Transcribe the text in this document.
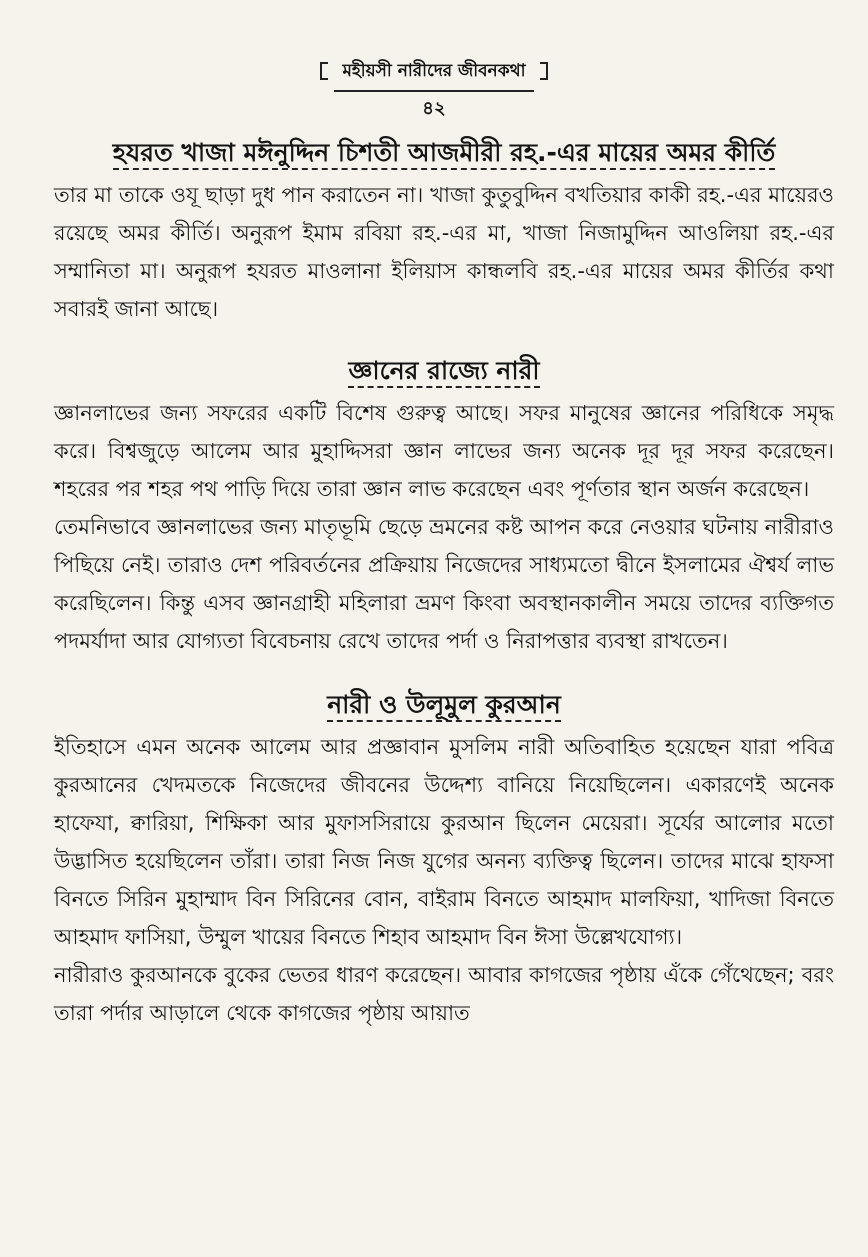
মহীয়সী নারীদের জীবনকথা
৪২
হযরত খাজা মঈনুদ্দিন চিশতী আজমীরী রহ.-এর মায়ের অমর কীর্তি

তার মা তাকে ওযূ ছাড়া দুধ পান করাতেন না। খাজা কুতুবুদ্দিন বখতিয়ার কাকী রহ.-এর মায়েরও রয়েছে অমর কীর্তি। অনুরূপ ইমাম রবিয়া রহ.-এর মা, খাজা নিজামুদ্দিন আওলিয়া রহ.-এর সম্মানিতা মা। অনুরূপ হযরত মাওলানা ইলিয়াস কান্ধলবি রহ.-এর মায়ের অমর কীর্তির কথা সবারই জানা আছে।

জ্ঞানের রাজ্যে নারী

জ্ঞানলাভের জন্য সফরের একটি বিশেষ গুরুত্ব আছে। সফর মানুষের জ্ঞানের পরিধিকে সমৃদ্ধ করে। বিশ্বজুড়ে আলেম আর মুহাদ্দিসরা জ্ঞান লাভের জন্য অনেক দূর দূর সফর করেছেন। শহরের পর শহর পথ পাড়ি দিয়ে তারা জ্ঞান লাভ করেছেন এবং পূর্ণতার স্থান অর্জন করেছেন।

তেমনিভাবে জ্ঞানলাভের জন্য মাতৃভূমি ছেড়ে ভ্রমনের কষ্ট আপন করে নেওয়ার ঘটনায় নারীরাও পিছিয়ে নেই। তারাও দেশ পরিবর্তনের প্রক্রিয়ায় নিজেদের সাধ্যমতো দ্বীনে ইসলামের ঐশ্বর্য লাভ করেছিলেন। কিন্তু এসব জ্ঞানগ্রাহী মহিলারা ভ্রমণ কিংবা অবস্থানকালীন সময়ে তাদের ব্যক্তিগত পদমর্যাদা আর যোগ্যতা বিবেচনায় রেখে তাদের পর্দা ও নিরাপত্তার ব্যবস্থা রাখতেন।

নারী ও উলূমুল কুরআন

ইতিহাসে এমন অনেক আলেম আর প্রজ্ঞাবান মুসলিম নারী অতিবাহিত হয়েছেন যারা পবিত্র কুরআনের খেদমতকে নিজেদের জীবনের উদ্দেশ্য বানিয়ে নিয়েছিলেন। একারণেই অনেক হাফেযা, ক্বারিয়া, শিক্ষিকা আর মুফাসসিরায়ে কুরআন ছিলেন মেয়েরা। সূর্যের আলোর মতো উদ্ভাসিত হয়েছিলেন তাঁরা। তারা নিজ নিজ যুগের অনন্য ব্যক্তিত্ব ছিলেন। তাদের মাঝে হাফসা বিনতে সিরিন মুহাম্মাদ বিন সিরিনের বোন, বাইরাম বিনতে আহমাদ মালফিয়া, খাদিজা বিনতে আহমাদ ফাসিয়া, উম্মুল খায়ের বিনতে শিহাব আহমাদ বিন ঈসা উল্লেখযোগ্য।

নারীরাও কুরআনকে বুকের ভেতর ধারণ করেছেন। আবার কাগজের পৃষ্ঠায় এঁকে গেঁথেছেন; বরং তারা পর্দার আড়ালে থেকে কাগজের পৃষ্ঠায় আয়াত
